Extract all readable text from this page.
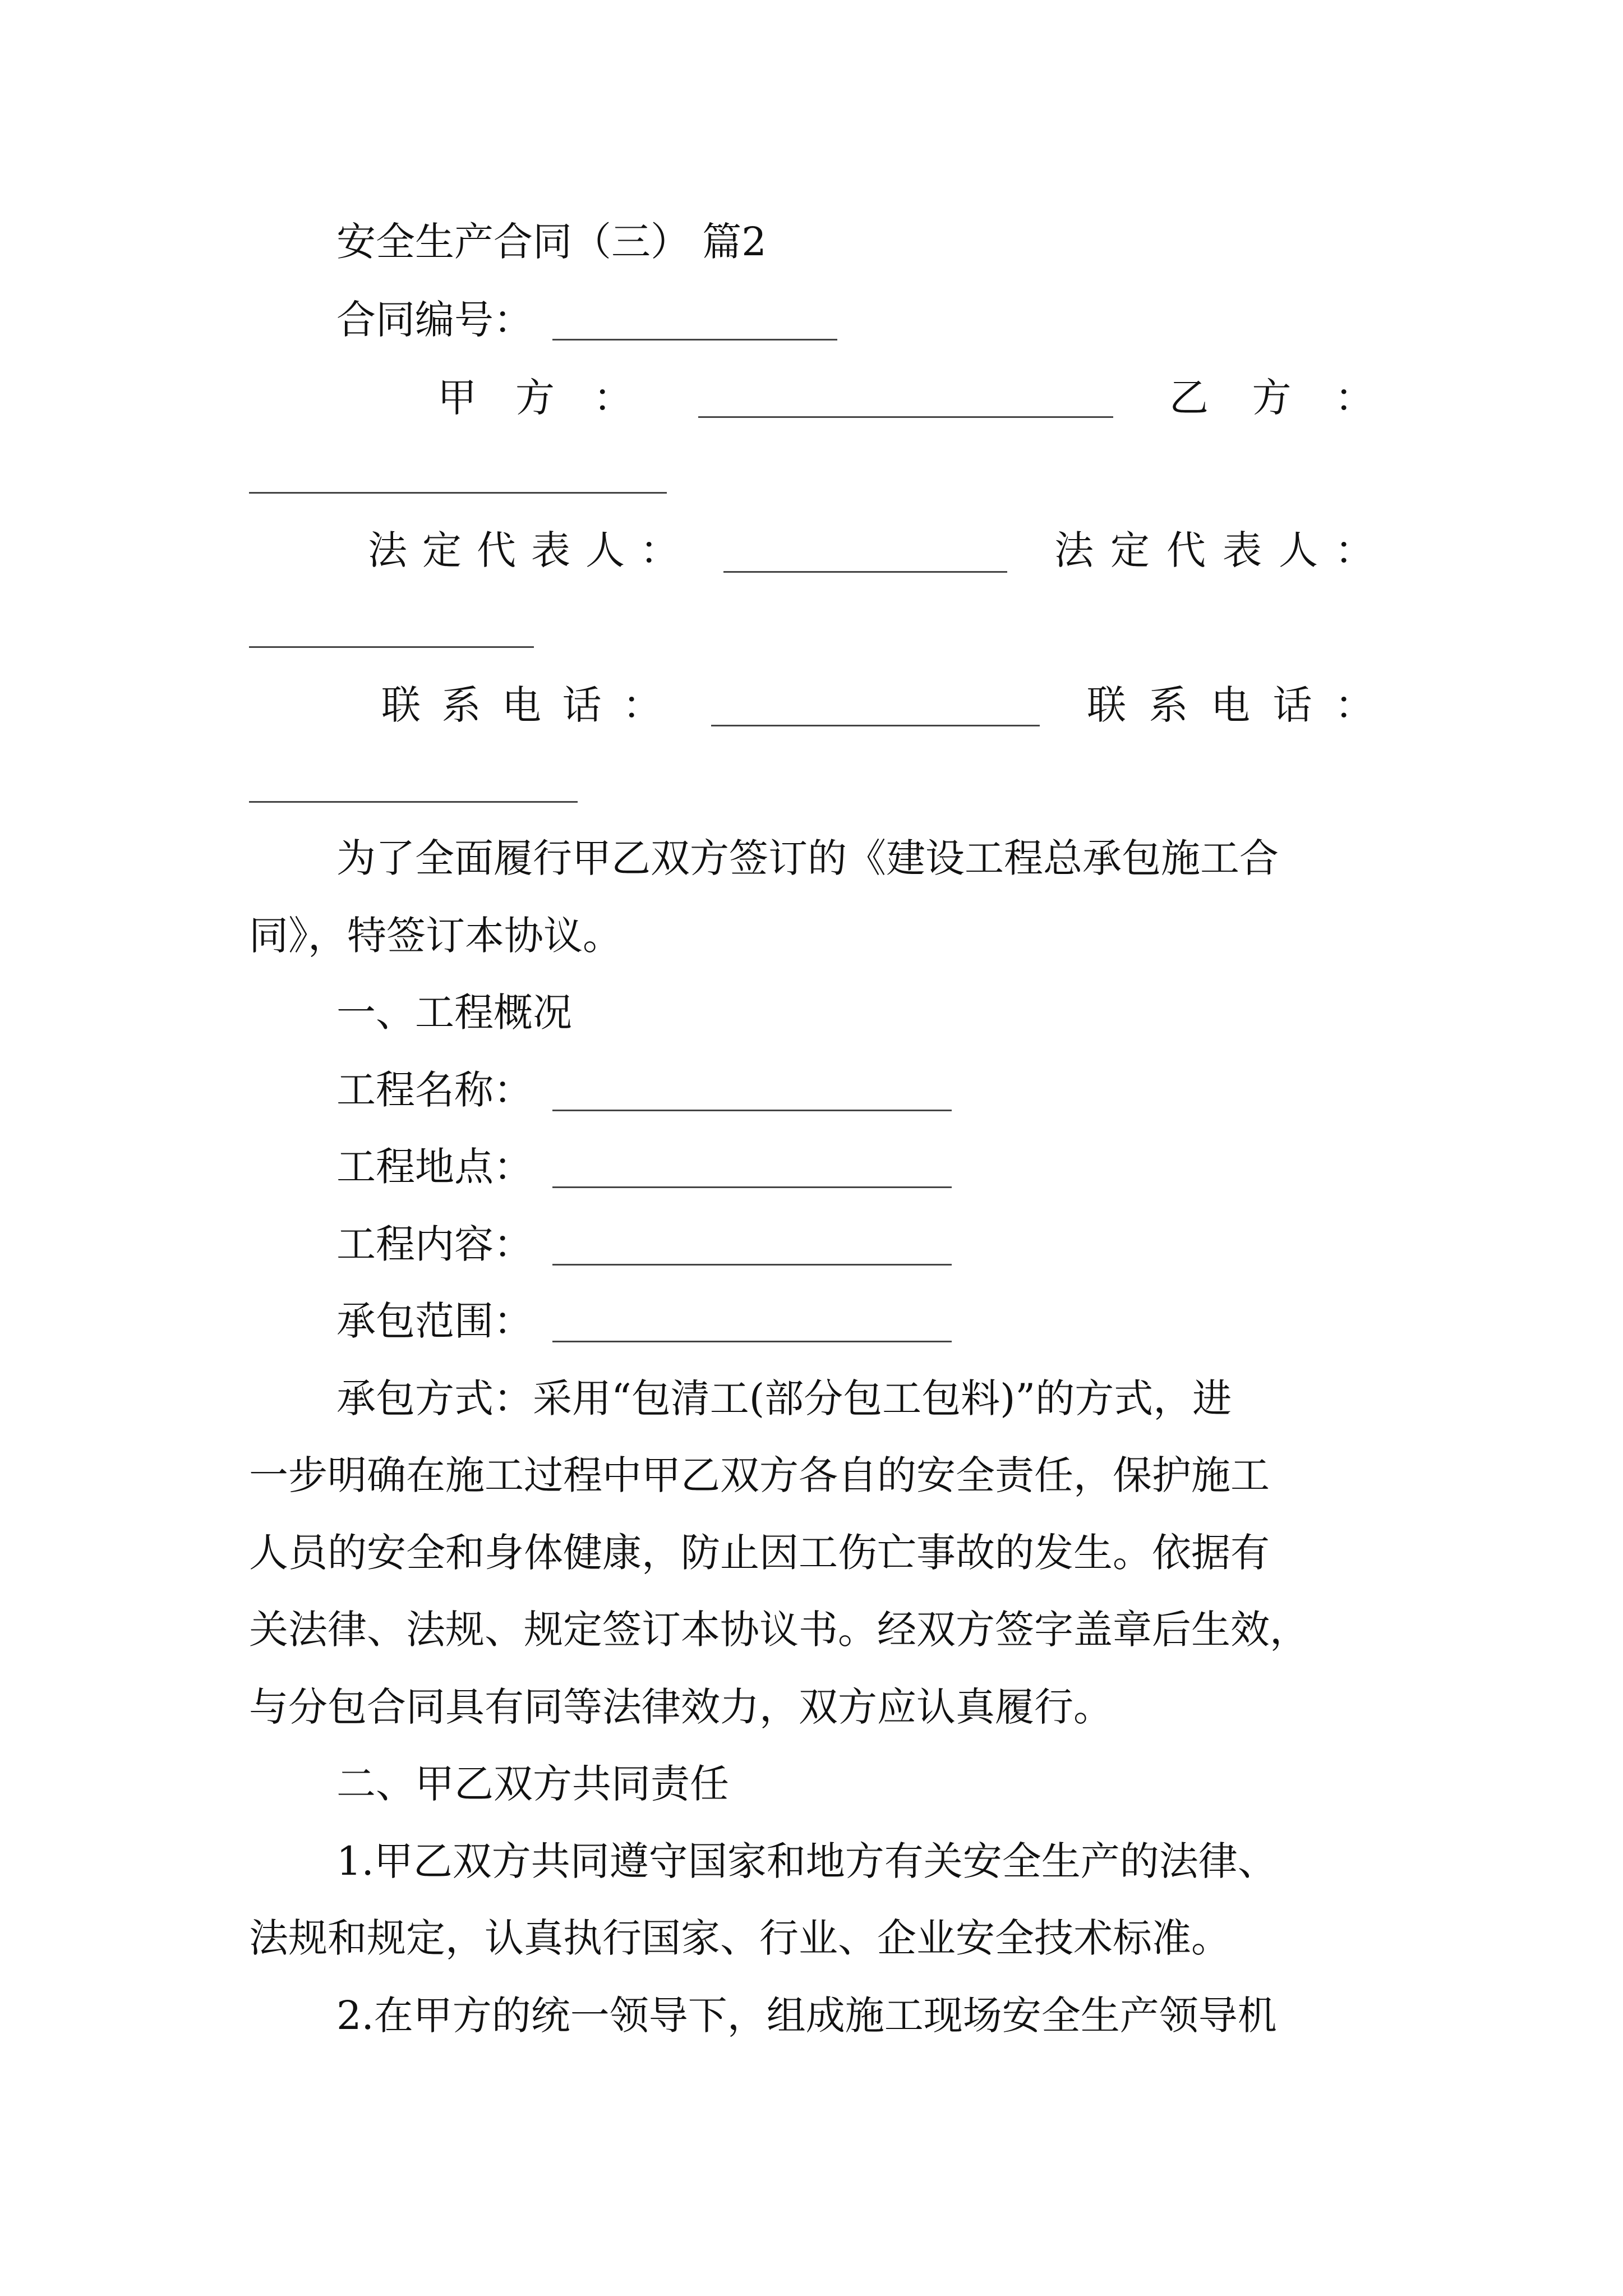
安全生产合同（三） 篇2
合同编号：
甲 方 ：	乙 方 ：
法 定 代 表 人 ：	法 定 代 表 人 ：
联 系 电 话 ：	联 系 电 话 ：
为了全面履行甲乙双方签订的《建设工程总承包施工合
同》，特签订本协议。
一、工程概况
工程名称：
工程地点：
工程内容：
承包范围：
承包方式：采用“包清工(部分包工包料)”的方式，进
一步明确在施工过程中甲乙双方各自的安全责任，保护施工
人员的安全和身体健康，防止因工伤亡事故的发生。依据有
关法律、法规、规定签订本协议书。经双方签字盖章后生效，
与分包合同具有同等法律效力，双方应认真履行。
二、甲乙双方共同责任
1.甲乙双方共同遵守国家和地方有关安全生产的法律、
法规和规定，认真执行国家、行业、企业安全技术标准。
2.在甲方的统一领导下，组成施工现场安全生产领导机
